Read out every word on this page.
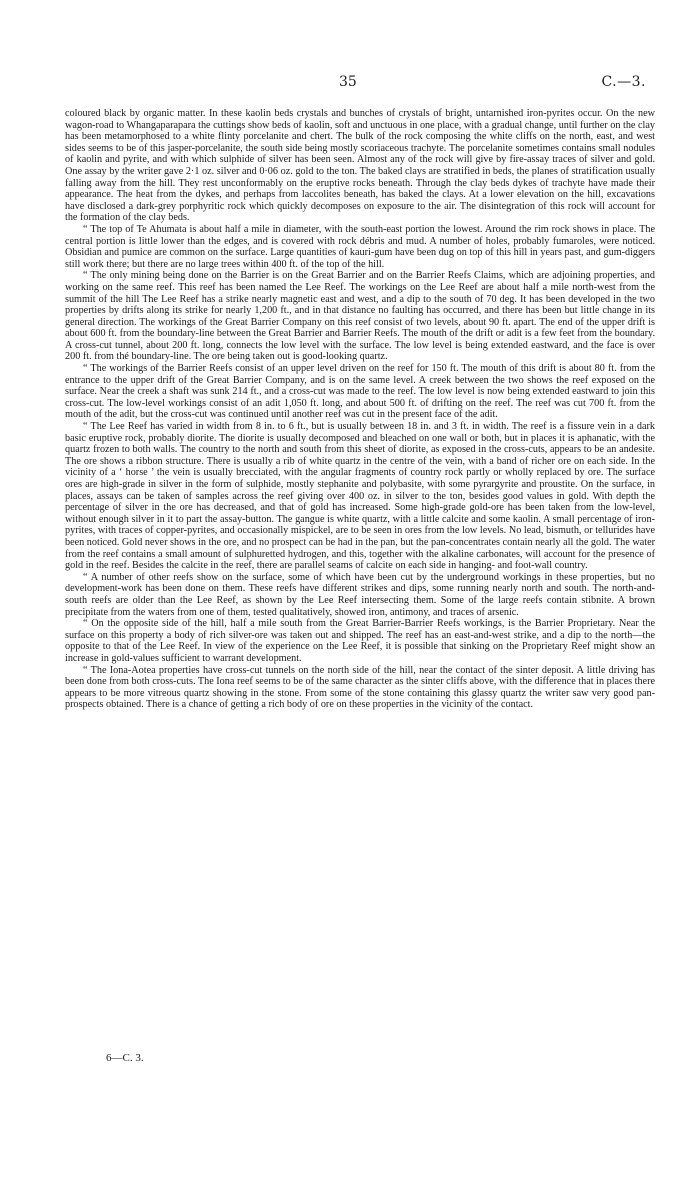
35	C.—3.

coloured black by organic matter. In these kaolin beds crystals and bunches of crystals of bright, untarnished iron-pyrites occur. On the new wagon-road to Whangaparapara the cuttings show beds of kaolin, soft and unctuous in one place, with a gradual change, until further on the clay has been metamorphosed to a white flinty porcelanite and chert. The bulk of the rock composing the white cliffs on the north, east, and west sides seems to be of this jasper-porcelanite, the south side being mostly scoriaceous trachyte. The porcelanite sometimes contains small nodules of kaolin and pyrite, and with which sulphide of silver has been seen. Almost any of the rock will give by fire-assay traces of silver and gold. One assay by the writer gave 2·1 oz. silver and 0·06 oz. gold to the ton. The baked clays are stratified in beds, the planes of stratification usually falling away from the hill. They rest unconformably on the eruptive rocks beneath. Through the clay beds dykes of trachyte have made their appearance. The heat from the dykes, and perhaps from laccolites beneath, has baked the clays. At a lower elevation on the hill, excavations have disclosed a dark-grey porphyritic rock which quickly decomposes on exposure to the air. The disintegration of this rock will account for the formation of the clay beds.

“ The top of Te Ahumata is about half a mile in diameter, with the south-east portion the lowest. Around the rim rock shows in place. The central portion is little lower than the edges, and is covered with rock débris and mud. A number of holes, probably fumaroles, were noticed. Obsidian and pumice are common on the surface. Large quantities of kauri-gum have been dug on top of this hill in years past, and gum-diggers still work there; but there are no large trees within 400 ft. of the top of the hill.

“ The only mining being done on the Barrier is on the Great Barrier and on the Barrier Reefs Claims, which are adjoining properties, and working on the same reef. This reef has been named the Lee Reef. The workings on the Lee Reef are about half a mile north-west from the summit of the hill The Lee Reef has a strike nearly magnetic east and west, and a dip to the south of 70 deg. It has been developed in the two properties by drifts along its strike for nearly 1,200 ft., and in that distance no faulting has occurred, and there has been but little change in its general direction. The workings of the Great Barrier Company on this reef consist of two levels, about 90 ft. apart. The end of the upper drift is about 600 ft. from the boundary-line between the Great Barrier and Barrier Reefs. The mouth of the drift or adit is a few feet from the boundary. A cross-cut tunnel, about 200 ft. long, connects the low level with the surface. The low level is being extended eastward, and the face is over 200 ft. from thé boundary-line. The ore being taken out is good-looking quartz.

“ The workings of the Barrier Reefs consist of an upper level driven on the reef for 150 ft. The mouth of this drift is about 80 ft. from the entrance to the upper drift of the Great Barrier Company, and is on the same level. A creek between the two shows the reef exposed on the surface. Near the creek a shaft was sunk 214 ft., and a cross-cut was made to the reef. The low level is now being extended eastward to join this cross-cut. The low-level workings consist of an adit 1,050 ft. long, and about 500 ft. of drifting on the reef. The reef was cut 700 ft. from the mouth of the adit, but the cross-cut was continued until another reef was cut in the present face of the adit.

“ The Lee Reef has varied in width from 8 in. to 6 ft., but is usually between 18 in. and 3 ft. in width. The reef is a fissure vein in a dark basic eruptive rock, probably diorite. The diorite is usually decomposed and bleached on one wall or both, but in places it is aphanatic, with the quartz frozen to both walls. The country to the north and south from this sheet of diorite, as exposed in the cross-cuts, appears to be an andesite. The ore shows a ribbon structure. There is usually a rib of white quartz in the centre of the vein, with a band of richer ore on each side. In the vicinity of a ‘ horse ’ the vein is usually brecciated, with the angular fragments of country rock partly or wholly replaced by ore. The surface ores are high-grade in silver in the form of sulphide, mostly stephanite and polybasite, with some pyrargyrite and proustite. On the surface, in places, assays can be taken of samples across the reef giving over 400 oz. in silver to the ton, besides good values in gold. With depth the percentage of silver in the ore has decreased, and that of gold has increased. Some high-grade gold-ore has been taken from the low-level, without enough silver in it to part the assay-button. The gangue is white quartz, with a little calcite and some kaolin. A small percentage of iron-pyrites, with traces of copper-pyrites, and occasionally mispickel, are to be seen in ores from the low levels. No lead, bismuth, or tellurides have been noticed. Gold never shows in the ore, and no prospect can be had in the pan, but the pan-concentrates contain nearly all the gold. The water from the reef contains a small amount of sulphuretted hydrogen, and this, together with the alkaline carbonates, will account for the presence of gold in the reef. Besides the calcite in the reef, there are parallel seams of calcite on each side in hanging- and foot-wall country.

“ A number of other reefs show on the surface, some of which have been cut by the underground workings in these properties, but no development-work has been done on them. These reefs have different strikes and dips, some running nearly north and south. The north-and-south reefs are older than the Lee Reef, as shown by the Lee Reef intersecting them. Some of the large reefs contain stibnite. A brown precipitate from the waters from one of them, tested qualitatively, showed iron, antimony, and traces of arsenic.

“ On the opposite side of the hill, half a mile south from the Great Barrier-Barrier Reefs workings, is the Barrier Proprietary. Near the surface on this property a body of rich silver-ore was taken out and shipped. The reef has an east-and-west strike, and a dip to the north—the opposite to that of the Lee Reef. In view of the experience on the Lee Reef, it is possible that sinking on the Proprietary Reef might show an increase in gold-values sufficient to warrant development.

“ The Iona-Aotea properties have cross-cut tunnels on the north side of the hill, near the contact of the sinter deposit. A little driving has been done from both cross-cuts. The Iona reef seems to be of the same character as the sinter cliffs above, with the difference that in places there appears to be more vitreous quartz showing in the stone. From some of the stone containing this glassy quartz the writer saw very good pan-prospects obtained. There is a chance of getting a rich body of ore on these properties in the vicinity of the contact.

6—C. 3.
